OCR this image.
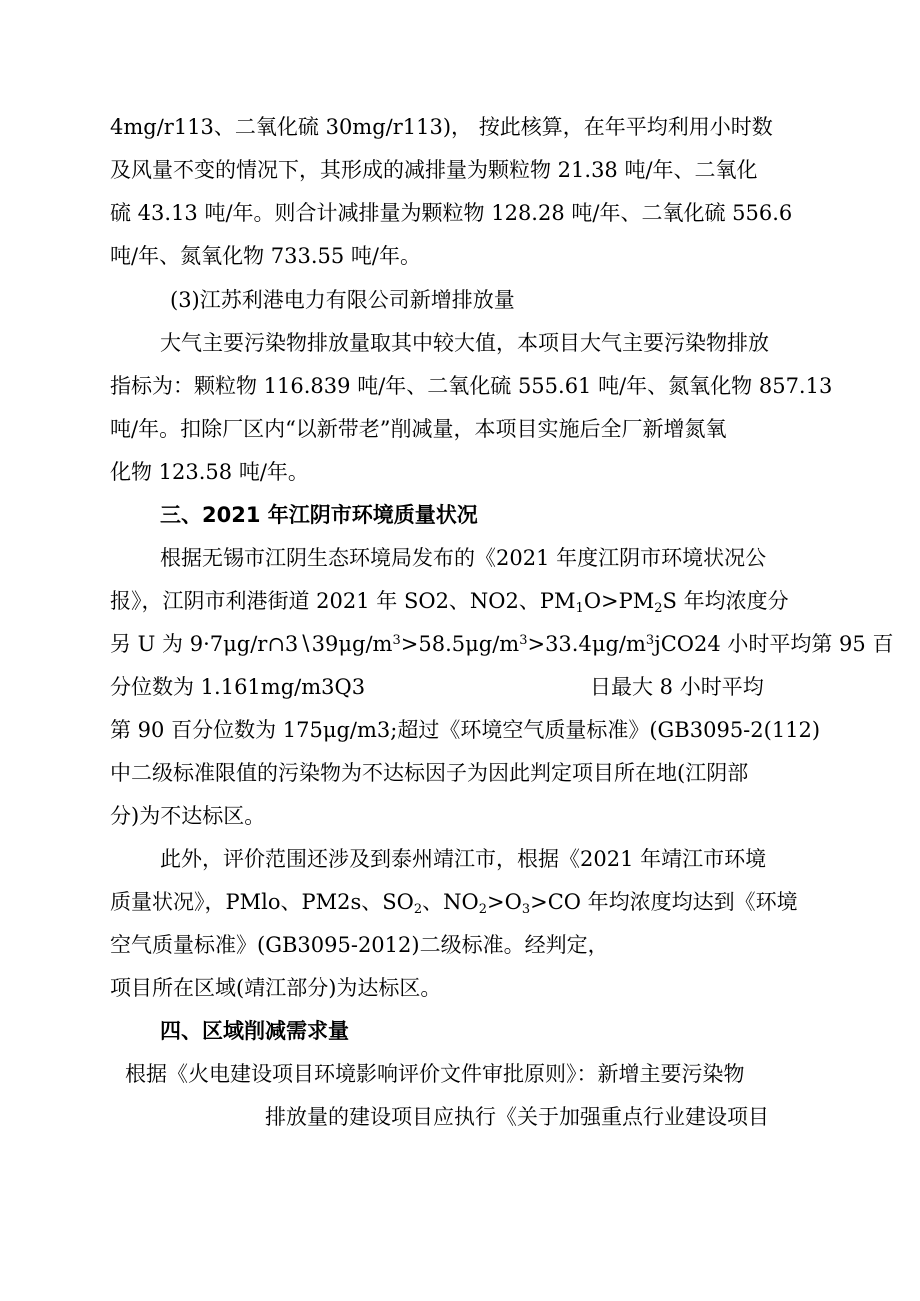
4mg∕r113、二氧化硫 30mg∕r113)， 按此核算，在年平均利用小时数
及风量不变的情况下，其形成的减排量为颗粒物 21.38 吨/年、二氧化
硫 43.13 吨/年。则合计减排量为颗粒物 128.28 吨/年、二氧化硫 556.6
吨/年、氮氧化物 733.55 吨/年。
(3)江苏利港电力有限公司新增排放量
大气主要污染物排放量取其中较大值，本项目大气主要污染物排放
指标为：颗粒物 116.839 吨/年、二氧化硫 555.61 吨/年、氮氧化物 857.13
吨/年。扣除厂区内“以新带老”削减量，本项目实施后全厂新增氮氧
化物 123.58 吨/年。
三、2021 年江阴市环境质量状况
根据无锡市江阴生态环境局发布的《2021 年度江阴市环境状况公
报》，江阴市利港街道 2021 年 SO2、NO2、$PM_1O>PM_2S$ 年均浓度分
另 U 为 $9\cdot 7\mu g∕r\cap 3∖39\mu g∕m^3>58.5\mu g∕m^3>33.4\mu g∕m^3jCO24$ 小时平均第 95 百
分位数为 1.161mg∕m3Q3	日最大 8 小时平均
第 90 百分位数为 175μg∕m3;超过《环境空气质量标准》(GB3095-2(112)
中二级标准限值的污染物为不达标因子为因此判定项目所在地(江阴部
分)为不达标区。
此外，评价范围还涉及到泰州靖江市，根据《2021 年靖江市环境
质量状况》，PMlo、PM2s、$SO_2$、$NO_2>O_3>CO$ 年均浓度均达到《环境
空气质量标准》(GB3095-2012)二级标准。经判定，
项目所在区域(靖江部分)为达标区。
四、区域削减需求量
根据《火电建设项目环境影响评价文件审批原则》：新增主要污染物
排放量的建设项目应执行《关于加强重点行业建设项目
